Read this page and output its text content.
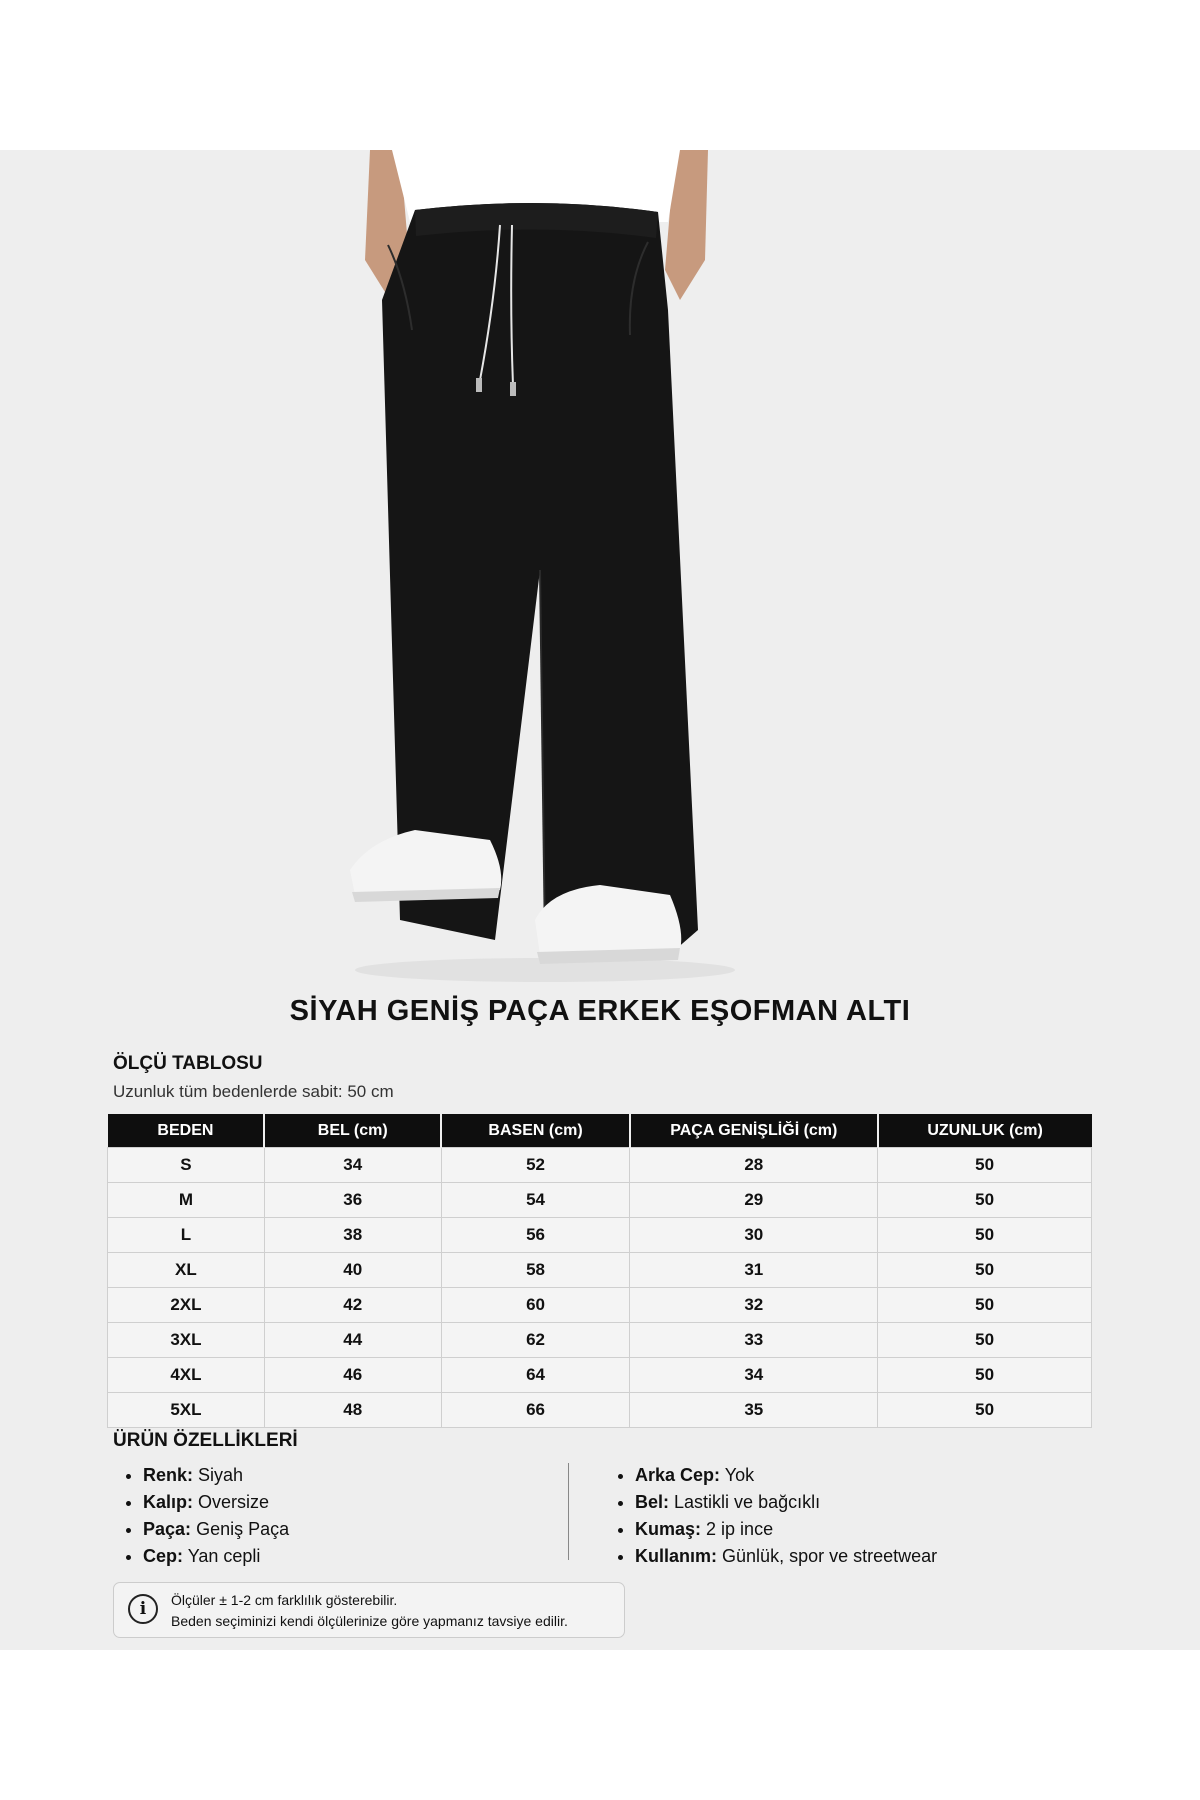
SİYAH GENİŞ PAÇA ERKEK EŞOFMAN ALTI
ÖLÇÜ TABLOSU
Uzunluk tüm bedenlerde sabit: 50 cm
BEDEN	BEL (cm)	BASEN (cm)	PAÇA GENİŞLİĞİ (cm)	UZUNLUK (cm)
S	34	52	28	50
M	36	54	29	50
L	38	56	30	50
XL	40	58	31	50
2XL	42	60	32	50
3XL	44	62	33	50
4XL	46	64	34	50
5XL	48	66	35	50
ÜRÜN ÖZELLİKLERİ
• Renk: Siyah
• Kalıp: Oversize
• Paça: Geniş Paça
• Cep: Yan cepli
• Arka Cep: Yok
• Bel: Lastikli ve bağcıklı
• Kumaş: 2 ip ince
• Kullanım: Günlük, spor ve streetwear
i	Ölçüler ± 1-2 cm farklılık gösterebilir.
Beden seçiminizi kendi ölçülerinize göre yapmanız tavsiye edilir.
